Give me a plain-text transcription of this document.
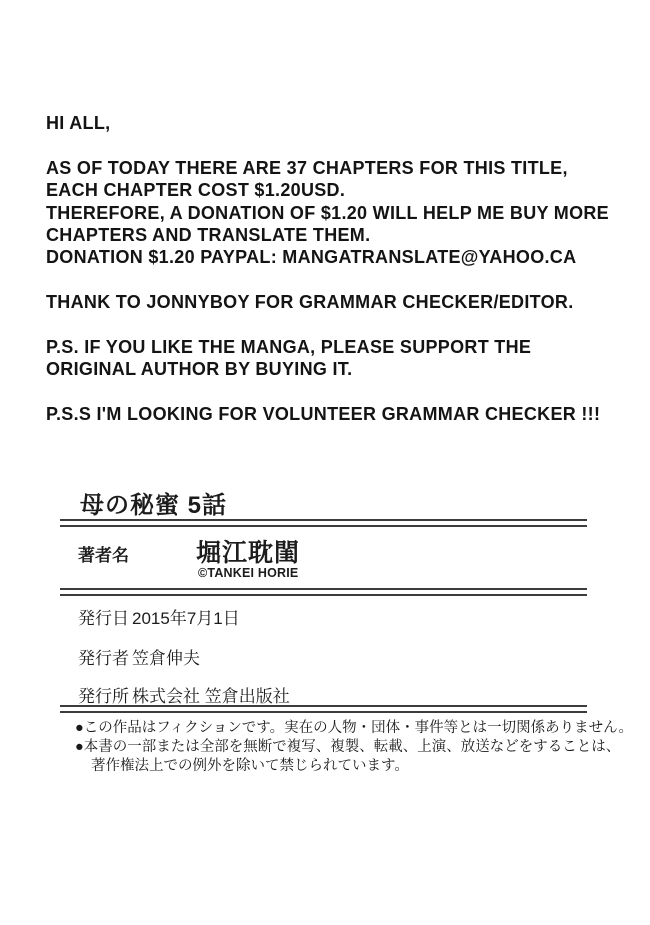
HI ALL,
AS OF TODAY THERE ARE 37 CHAPTERS FOR THIS TITLE,
EACH CHAPTER COST $1.20USD.
THEREFORE, A DONATION OF $1.20 WILL HELP ME BUY MORE
CHAPTERS AND TRANSLATE THEM.
DONATION $1.20 PAYPAL: MANGATRANSLATE@YAHOO.CA
THANK TO JONNYBOY FOR GRAMMAR CHECKER/EDITOR.
P.S. IF YOU LIKE THE MANGA, PLEASE SUPPORT THE
ORIGINAL AUTHOR BY BUYING IT.
P.S.S I'M LOOKING FOR VOLUNTEER GRAMMAR CHECKER !!!
母の秘蜜 5話
著者名	堀江耽閨
©TANKEI HORIE
発行日 2015年7月1日
発行者 笠倉伸夫
発行所 株式会社 笠倉出版社
●この作品はフィクションです。実在の人物・団体・事件等とは一切関係ありません。
●本書の一部または全部を無断で複写、複製、転載、上演、放送などをすることは、
著作権法上での例外を除いて禁じられています。
